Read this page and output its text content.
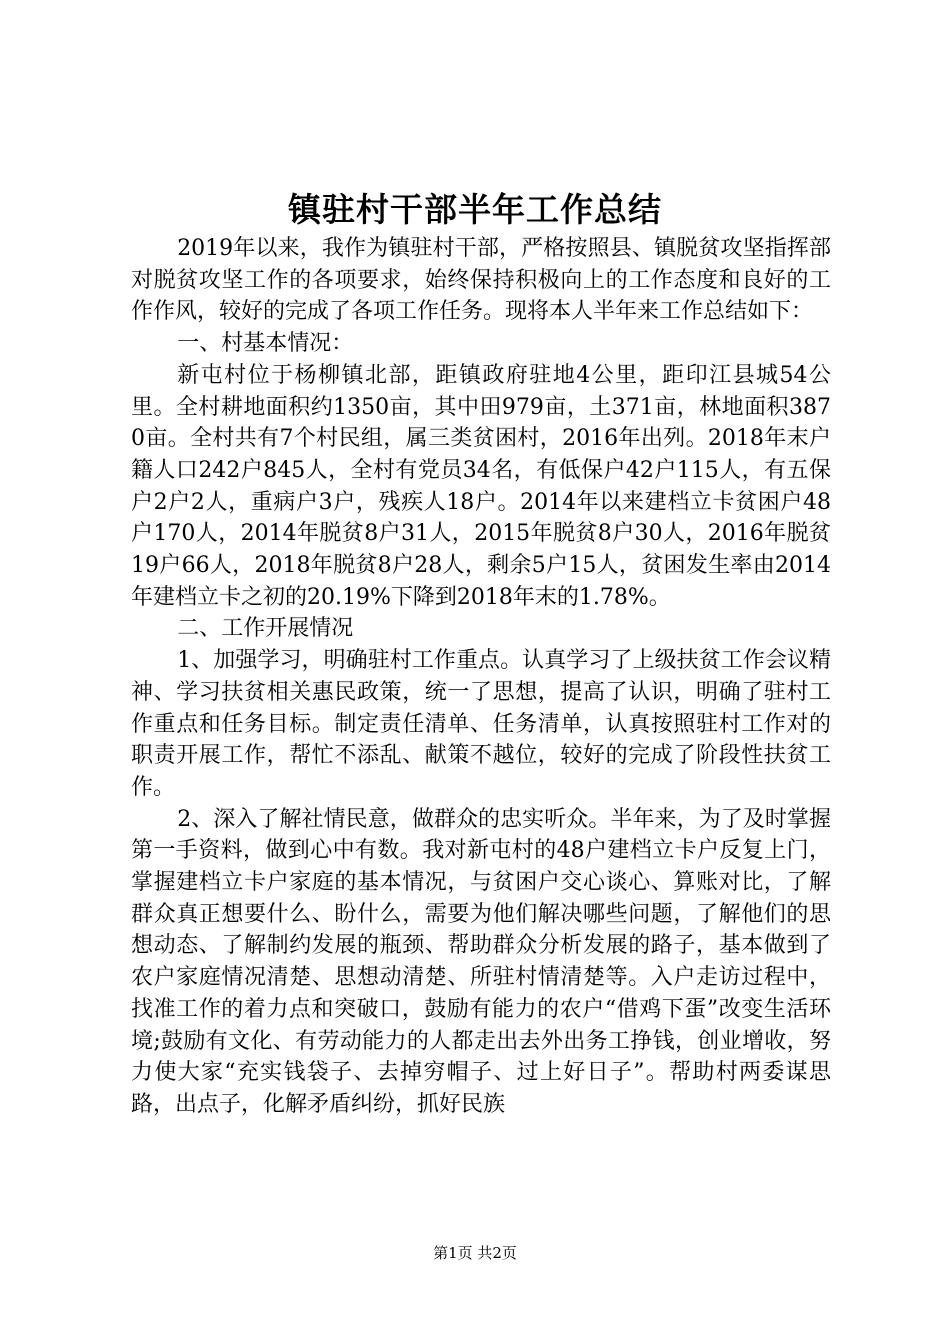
镇驻村干部半年工作总结

2019年以来，我作为镇驻村干部，严格按照县、镇脱贫攻坚指挥部对脱贫攻坚工作的各项要求，始终保持积极向上的工作态度和良好的工作作风，较好的完成了各项工作任务。现将本人半年来工作总结如下：

一、村基本情况：

新屯村位于杨柳镇北部，距镇政府驻地4公里，距印江县城54公里。全村耕地面积约1350亩，其中田979亩，土371亩，林地面积3870亩。全村共有7个村民组，属三类贫困村，2016年出列。2018年末户籍人口242户845人，全村有党员34名，有低保户42户115人，有五保户2户2人，重病户3户，残疾人18户。2014年以来建档立卡贫困户48户170人，2014年脱贫8户31人，2015年脱贫8户30人，2016年脱贫19户66人，2018年脱贫8户28人，剩余5户15人，贫困发生率由2014年建档立卡之初的20.19%下降到2018年末的1.78%。

二、工作开展情况

1、加强学习，明确驻村工作重点。认真学习了上级扶贫工作会议精神、学习扶贫相关惠民政策，统一了思想，提高了认识，明确了驻村工作重点和任务目标。制定责任清单、任务清单，认真按照驻村工作对的职责开展工作，帮忙不添乱、献策不越位，较好的完成了阶段性扶贫工作。

2、深入了解社情民意，做群众的忠实听众。半年来，为了及时掌握第一手资料，做到心中有数。我对新屯村的48户建档立卡户反复上门，掌握建档立卡户家庭的基本情况，与贫困户交心谈心、算账对比，了解群众真正想要什么、盼什么，需要为他们解决哪些问题，了解他们的思想动态、了解制约发展的瓶颈、帮助群众分析发展的路子，基本做到了农户家庭情况清楚、思想动清楚、所驻村情清楚等。入户走访过程中，找准工作的着力点和突破口，鼓励有能力的农户“借鸡下蛋”改变生活环境;鼓励有文化、有劳动能力的人都走出去外出务工挣钱，创业增收，努力使大家“充实钱袋子、去掉穷帽子、过上好日子”。帮助村两委谋思路，出点子，化解矛盾纠纷，抓好民族

第1页 共2页
